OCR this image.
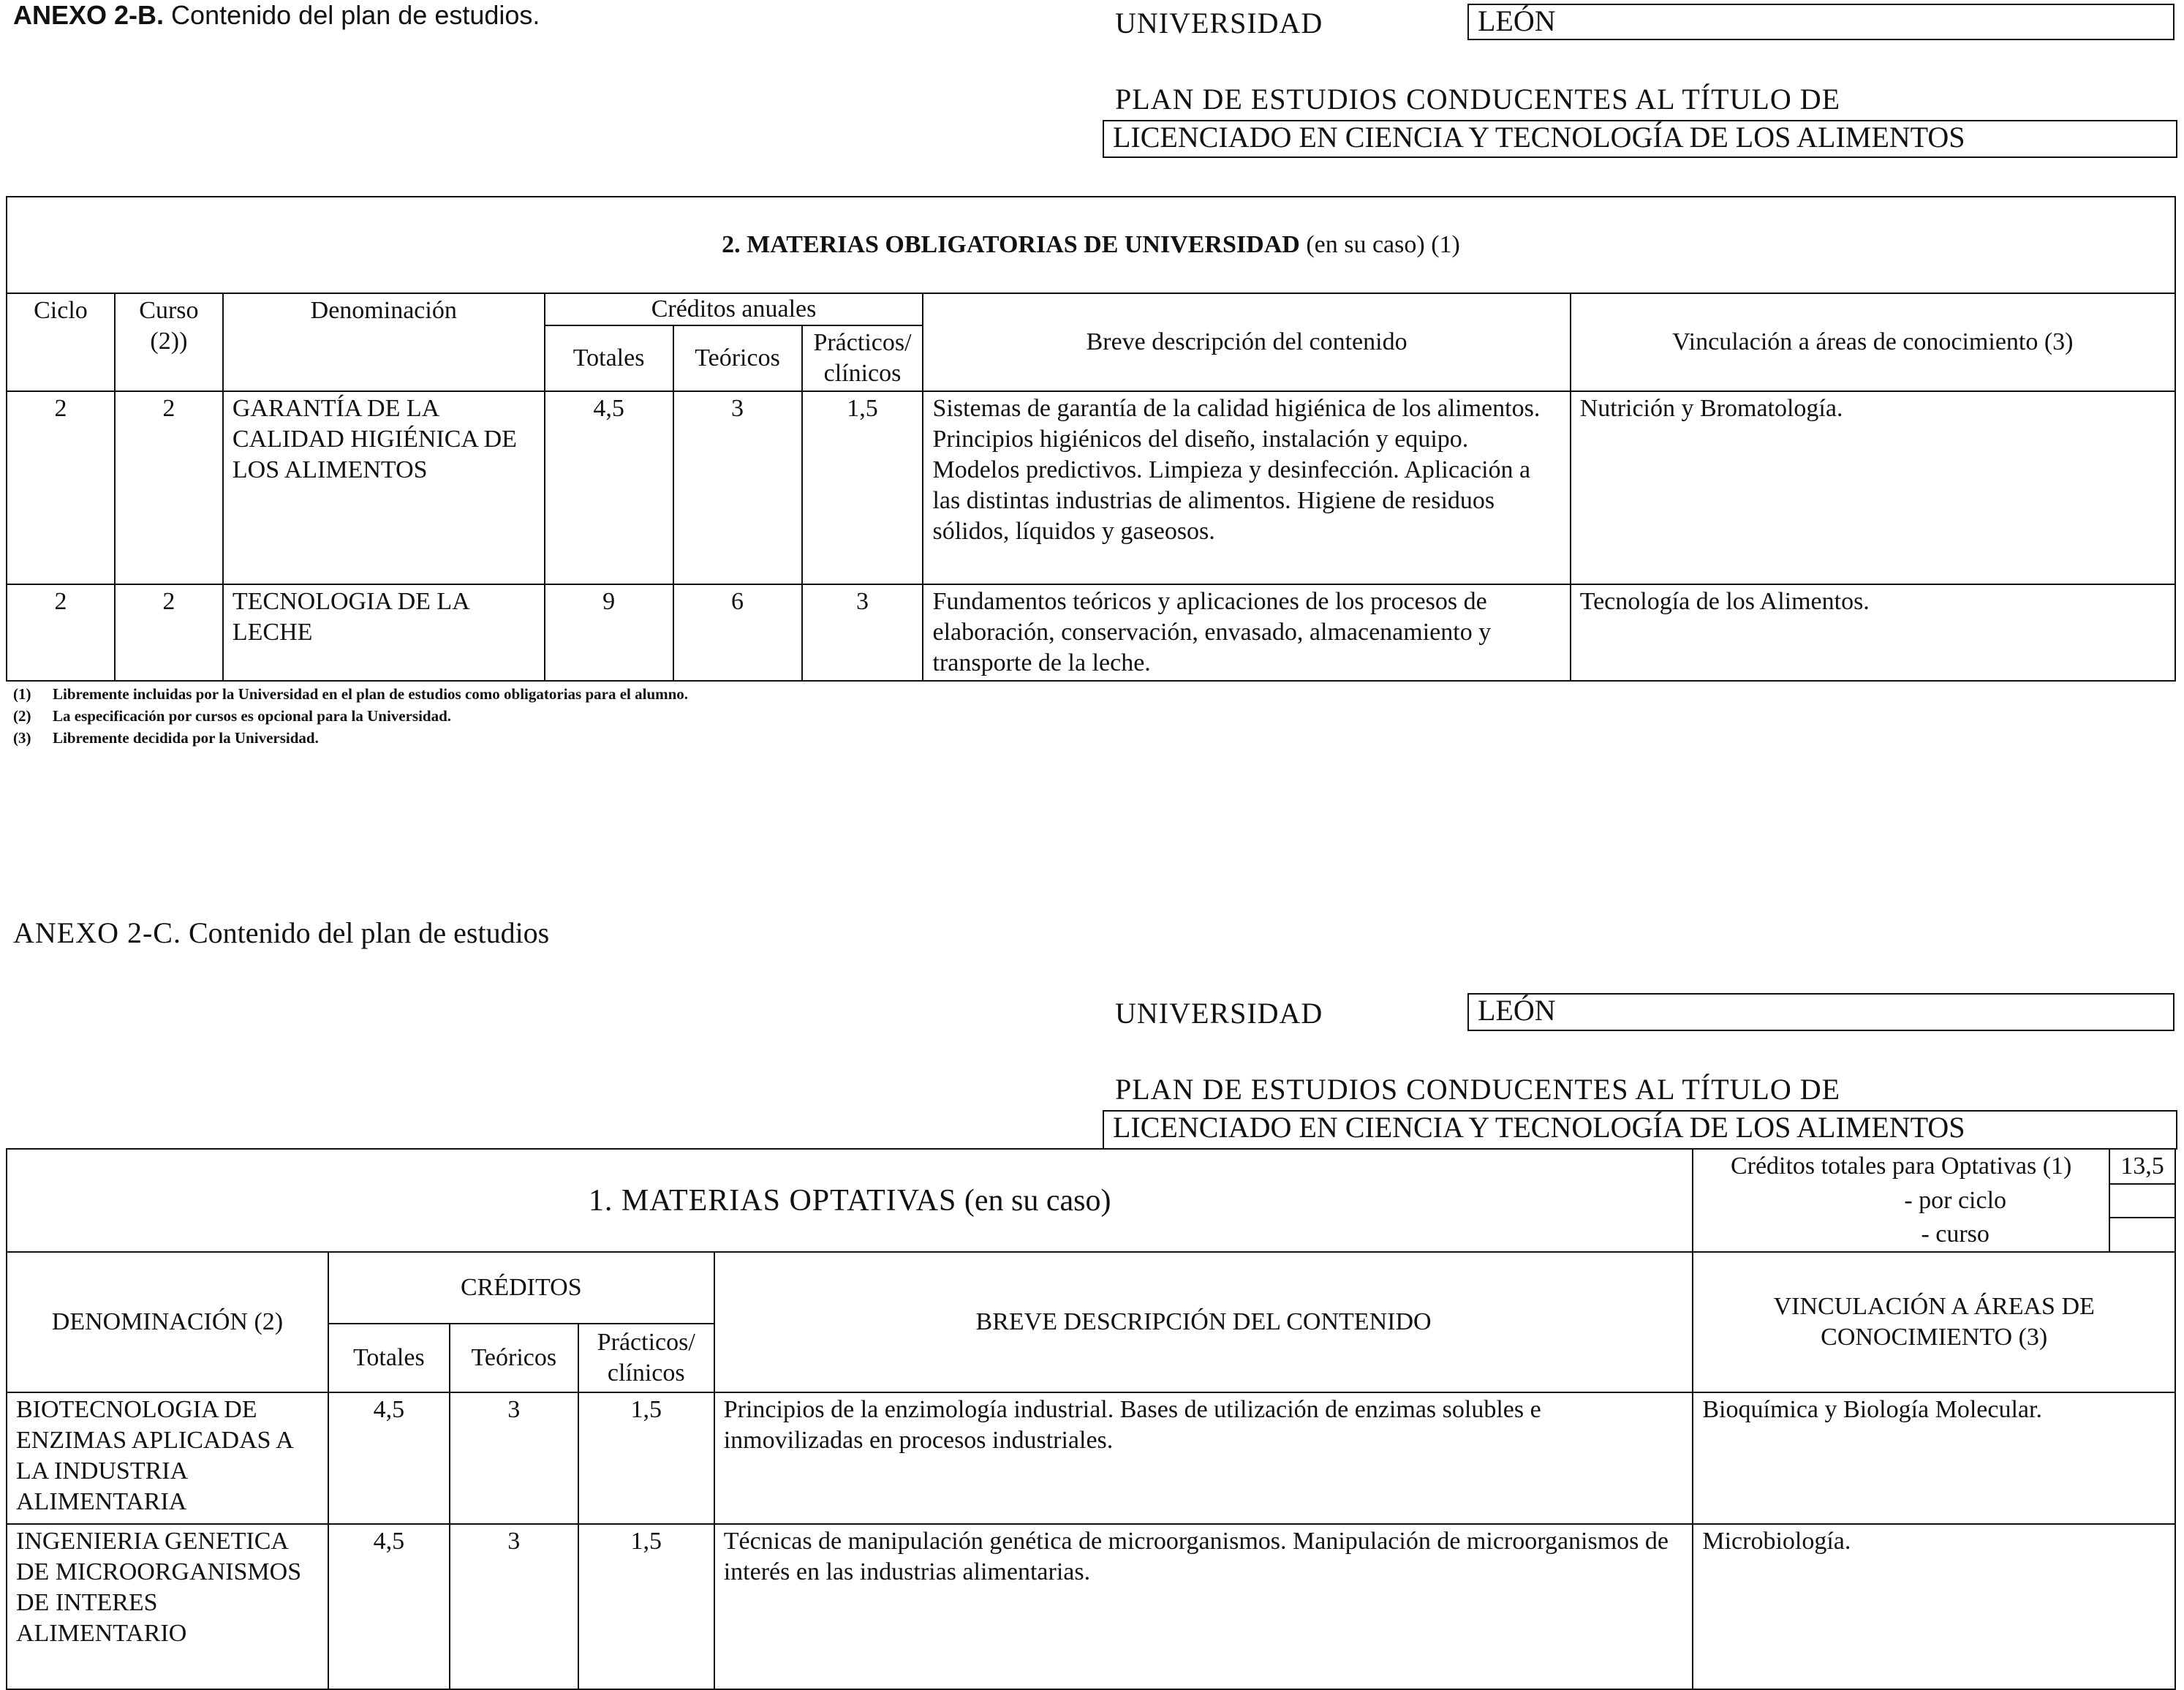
ANEXO 2-B. Contenido del plan de estudios.	UNIVERSIDAD	LEÓN
PLAN DE ESTUDIOS CONDUCENTES AL TÍTULO DE
LICENCIADO EN CIENCIA Y TECNOLOGÍA DE LOS ALIMENTOS
2. MATERIAS OBLIGATORIAS DE UNIVERSIDAD (en su caso) (1)							
Ciclo	Curso (2))	Denominación	Créditos anuales			Breve descripción del contenido	Vinculación a áreas de conocimiento (3)
			Totales	Teóricos	Prácticos/ clínicos		
2	2	GARANTÍA DE LA CALIDAD HIGIÉNICA DE LOS ALIMENTOS	4,5	3	1,5	Sistemas de garantía de la calidad higiénica de los alimentos. Principios higiénicos del diseño, instalación y equipo. Modelos predictivos. Limpieza y desinfección. Aplicación a las distintas industrias de alimentos. Higiene de residuos sólidos, líquidos y gaseosos.	Nutrición y Bromatología.
2	2	TECNOLOGIA DE LA LECHE	9	6	3	Fundamentos teóricos y aplicaciones de los procesos de elaboración, conservación, envasado, almacenamiento y transporte de la leche.	Tecnología de los Alimentos.
(1) Libremente incluidas por la Universidad en el plan de estudios como obligatorias para el alumno.
(2) La especificación por cursos es opcional para la Universidad.
(3) Libremente decidida por la Universidad.
ANEXO 2-C. Contenido del plan de estudios
UNIVERSIDAD	LEÓN
PLAN DE ESTUDIOS CONDUCENTES AL TÍTULO DE
LICENCIADO EN CIENCIA Y TECNOLOGÍA DE LOS ALIMENTOS
1. MATERIAS OPTATIVAS (en su caso)					Créditos totales para Optativas (1)	13,5
					- por ciclo	
					- curso	
DENOMINACIÓN (2)	CRÉDITOS			BREVE DESCRIPCIÓN DEL CONTENIDO	VINCULACIÓN A ÁREAS DE CONOCIMIENTO (3)	
	Totales	Teóricos	Prácticos/ clínicos			
BIOTECNOLOGIA DE ENZIMAS APLICADAS A LA INDUSTRIA ALIMENTARIA	4,5	3	1,5	Principios de la enzimología industrial. Bases de utilización de enzimas solubles e inmovilizadas en procesos industriales.	Bioquímica y Biología Molecular.	
INGENIERIA GENETICA DE MICROORGANISMOS DE INTERES ALIMENTARIO	4,5	3	1,5	Técnicas de manipulación genética de microorganismos. Manipulación de microorganismos de interés en las industrias alimentarias.	Microbiología.	
